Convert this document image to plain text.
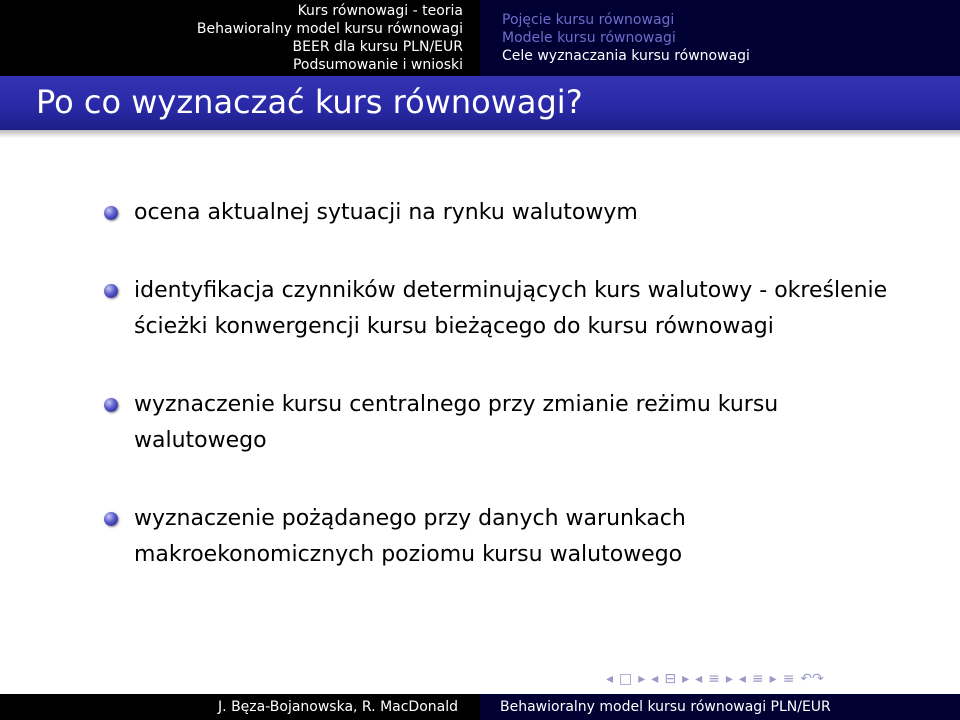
Kurs równowagi - teoria
Behawioralny model kursu równowagi
BEER dla kursu PLN/EUR
Podsumowanie i wnioski
Pojęcie kursu równowagi
Modele kursu równowagi
Cele wyznaczania kursu równowagi
Po co wyznaczać kurs równowagi?
ocena aktualnej sytuacji na rynku walutowym
identyfikacja czynników determinujących kurs walutowy - określenie ścieżki konwergencji kursu bieżącego do kursu równowagi
wyznaczenie kursu centralnego przy zmianie reżimu kursu walutowego
wyznaczenie pożądanego przy danych warunkach makroekonomicznych poziomu kursu walutowego
◂ □ ▸ ◂ ⊟ ▸ ◂ ≡ ▸ ◂ ≡ ▸ ≡ ↶↷
J. Bęza-Bojanowska, R. MacDonald	Behawioralny model kursu równowagi PLN/EUR
